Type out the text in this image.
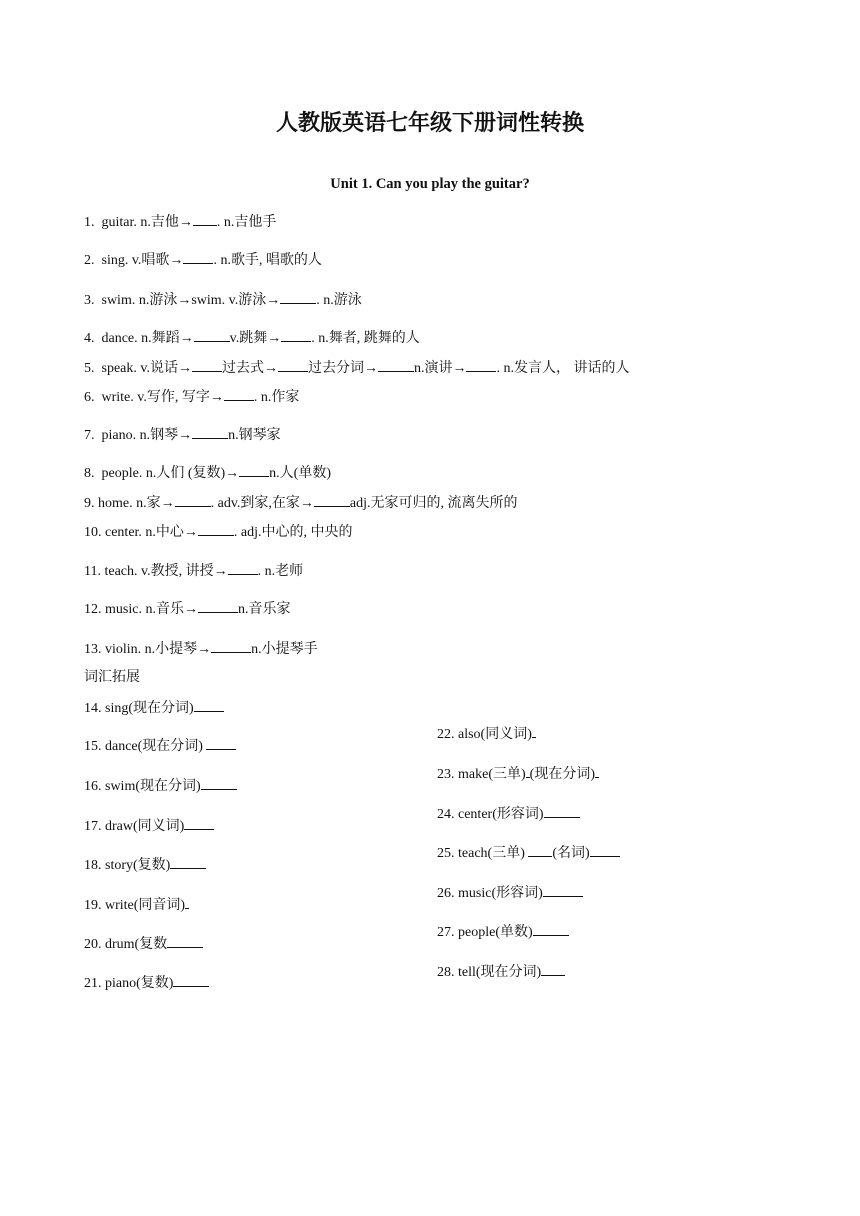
人教版英语七年级下册词性转换
Unit 1. Can you play the guitar?

1. guitar. n.吉他→ . n.吉他手

2. sing. v.唱歌→ . n.歌手, 唱歌的人

3. swim. n.游泳→swim. v.游泳→	. n.游泳

4. dance. n.舞蹈→	v.跳舞→ . n.舞者, 跳舞的人

5. speak. v.说话→ 过去式→ 过去分词→	n.演讲→ . n.发言人， 讲话的人

6. write. v.写作, 写字→ . n.作家

7. piano. n.钢琴→	n.钢琴家

8. people. n.人们 (复数)→ n.人(单数)

9. home. n.家→	. adv.到家,在家→	adj.无家可归的, 流离失所的

10. center. n.中心→	. adj.中心的, 中央的

11. teach. v.教授, 讲授→ . n.老师

12. music. n.音乐→	n.音乐家

13. violin. n.小提琴→	n.小提琴手

词汇拓展

14. sing(现在分词)

15. dance(现在分词)

16. swim(现在分词)

17. draw(同义词)

18. story(复数)

19. write(同音词)

20. drum(复数

21. piano(复数)

22. also(同义词)

23. make(三单) (现在分词)

24. center(形容词)

25. teach(三单) (名词)

26. music(形容词)

27. people(单数)

28. tell(现在分词)
